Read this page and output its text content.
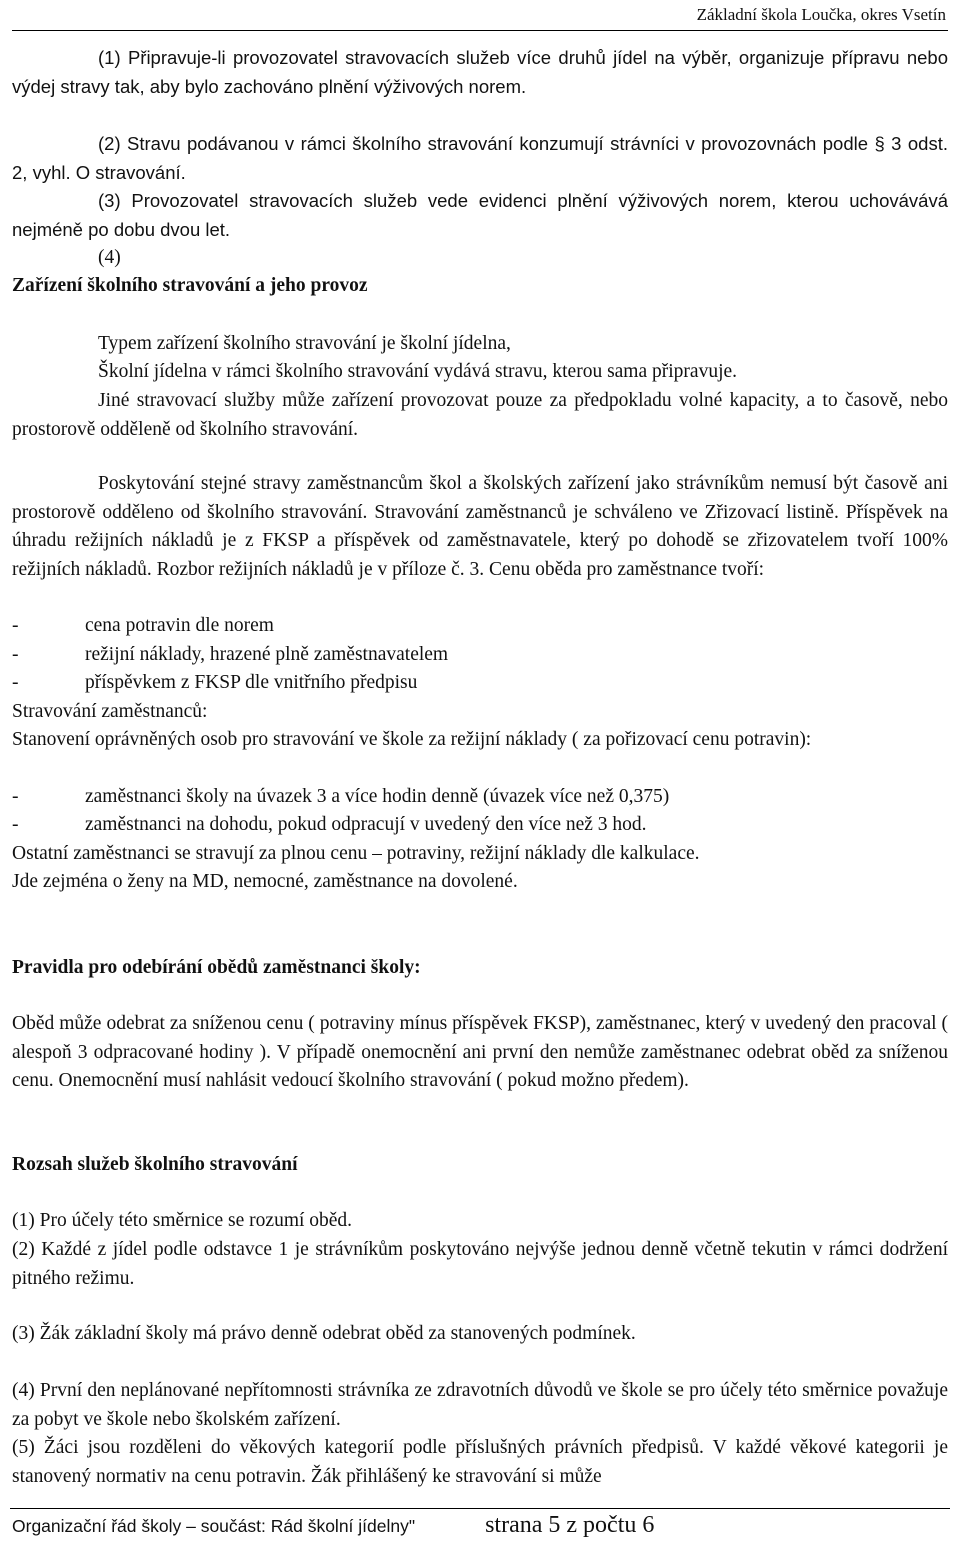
Základní škola Loučka, okres Vsetín

(1) Připravuje-li provozovatel stravovacích služeb více druhů jídel na výběr, organizuje přípravu nebo výdej stravy tak, aby bylo zachováno plnění výživových norem.

(2) Stravu podávanou v rámci školního stravování konzumují strávníci v provozovnách podle § 3 odst. 2, vyhl. O stravování.

(3) Provozovatel stravovacích služeb vede evidenci plnění výživových norem, kterou uchovávává nejméně po dobu dvou let.

(4)

Zařízení školního stravování a jeho provoz

Typem zařízení školního stravování je školní jídelna,

Školní jídelna v rámci školního stravování vydává stravu, kterou sama připravuje.

Jiné stravovací služby může zařízení provozovat pouze za předpokladu volné kapacity, a to časově, nebo prostorově odděleně od školního stravování.

Poskytování stejné stravy zaměstnancům škol a školských zařízení jako strávníkům nemusí být časově ani prostorově odděleno od školního stravování. Stravování zaměstnanců je schváleno ve Zřizovací listině. Příspěvek na úhradu režijních nákladů je z FKSP a příspěvek od zaměstnavatele, který po dohodě se zřizovatelem tvoří 100% režijních nákladů. Rozbor režijních nákladů je v příloze č. 3. Cenu oběda pro zaměstnance tvoří:

-	cena potravin dle norem
-	režijní náklady, hrazené plně zaměstnavatelem
-	příspěvkem z FKSP dle vnitřního předpisu

Stravování zaměstnanců:

Stanovení oprávněných osob pro stravování ve škole za režijní náklady ( za pořizovací cenu potravin):

-	zaměstnanci školy na úvazek 3 a více hodin denně (úvazek více než 0,375)
-	zaměstnanci na dohodu, pokud odpracují v uvedený den více než 3 hod.

Ostatní zaměstnanci se stravují za plnou cenu – potraviny, režijní náklady dle kalkulace.

Jde zejména o ženy na MD, nemocné, zaměstnance na dovolené.

Pravidla pro odebírání obědů zaměstnanci školy:

Oběd může odebrat za sníženou cenu ( potraviny mínus příspěvek FKSP), zaměstnanec, který v uvedený den pracoval ( alespoň 3 odpracované hodiny ). V případě onemocnění ani první den nemůže zaměstnanec odebrat oběd za sníženou cenu. Onemocnění musí nahlásit vedoucí školního stravování ( pokud možno předem).

Rozsah služeb školního stravování

(1) Pro účely této směrnice se rozumí oběd.

(2) Každé z jídel podle odstavce 1 je strávníkům poskytováno nejvýše jednou denně včetně tekutin v rámci dodržení pitného režimu.

(3) Žák základní školy má právo denně odebrat oběd za stanovených podmínek.

(4) První den neplánované nepřítomnosti strávníka ze zdravotních důvodů ve škole se pro účely této směrnice považuje za pobyt ve škole nebo školském zařízení.

(5) Žáci jsou rozděleni do věkových kategorií podle příslušných právních předpisů. V každé věkové kategorii je stanovený normativ na cenu potravin. Žák přihlášený ke stravování si může

Organizační řád školy – součást: Rád školní jídelny"	strana 5 z počtu 6
